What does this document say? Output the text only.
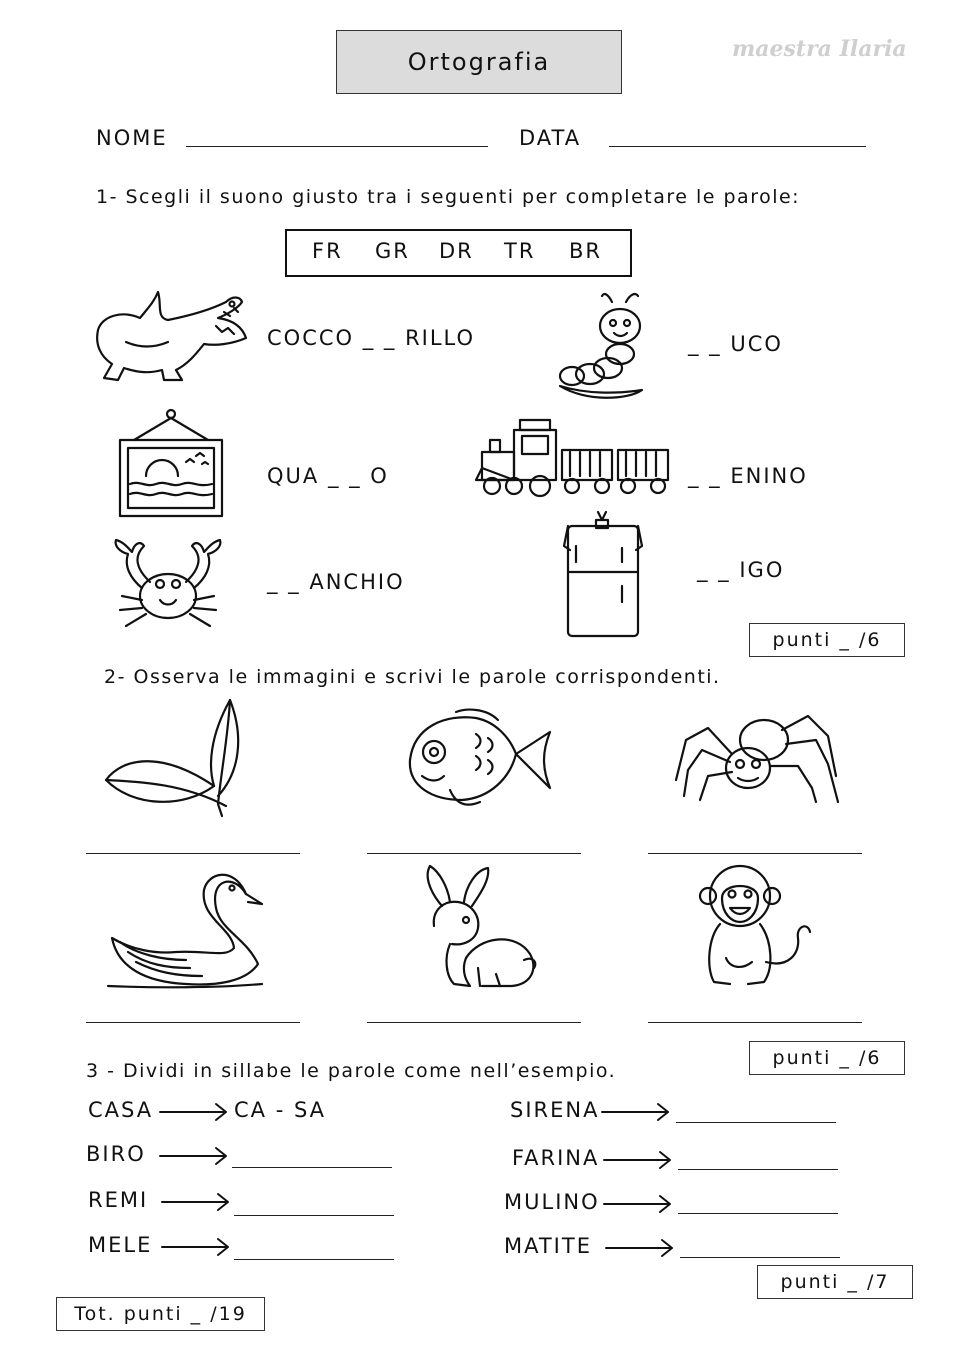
Ortografia	maestra Ilaria
NOME	DATA
1- Scegli il suono giusto tra i seguenti per completare le parole:
FR GR DR TR BR
COCCO _ _ RILLO	_ _ UCO
QUA _ _ O	_ _ ENINO
_ _ ANCHIO	_ _ IGO
punti _ /6
2- Osserva le immagini e scrivi le parole corrispondenti.
punti _ /6
3 - Dividi in sillabe le parole come nell’esempio.
CASA	CA - SA
BIRO
REMI
MELE
SIRENA
FARINA
MULINO
MATITE
punti _ /7
Tot. punti _ /19
